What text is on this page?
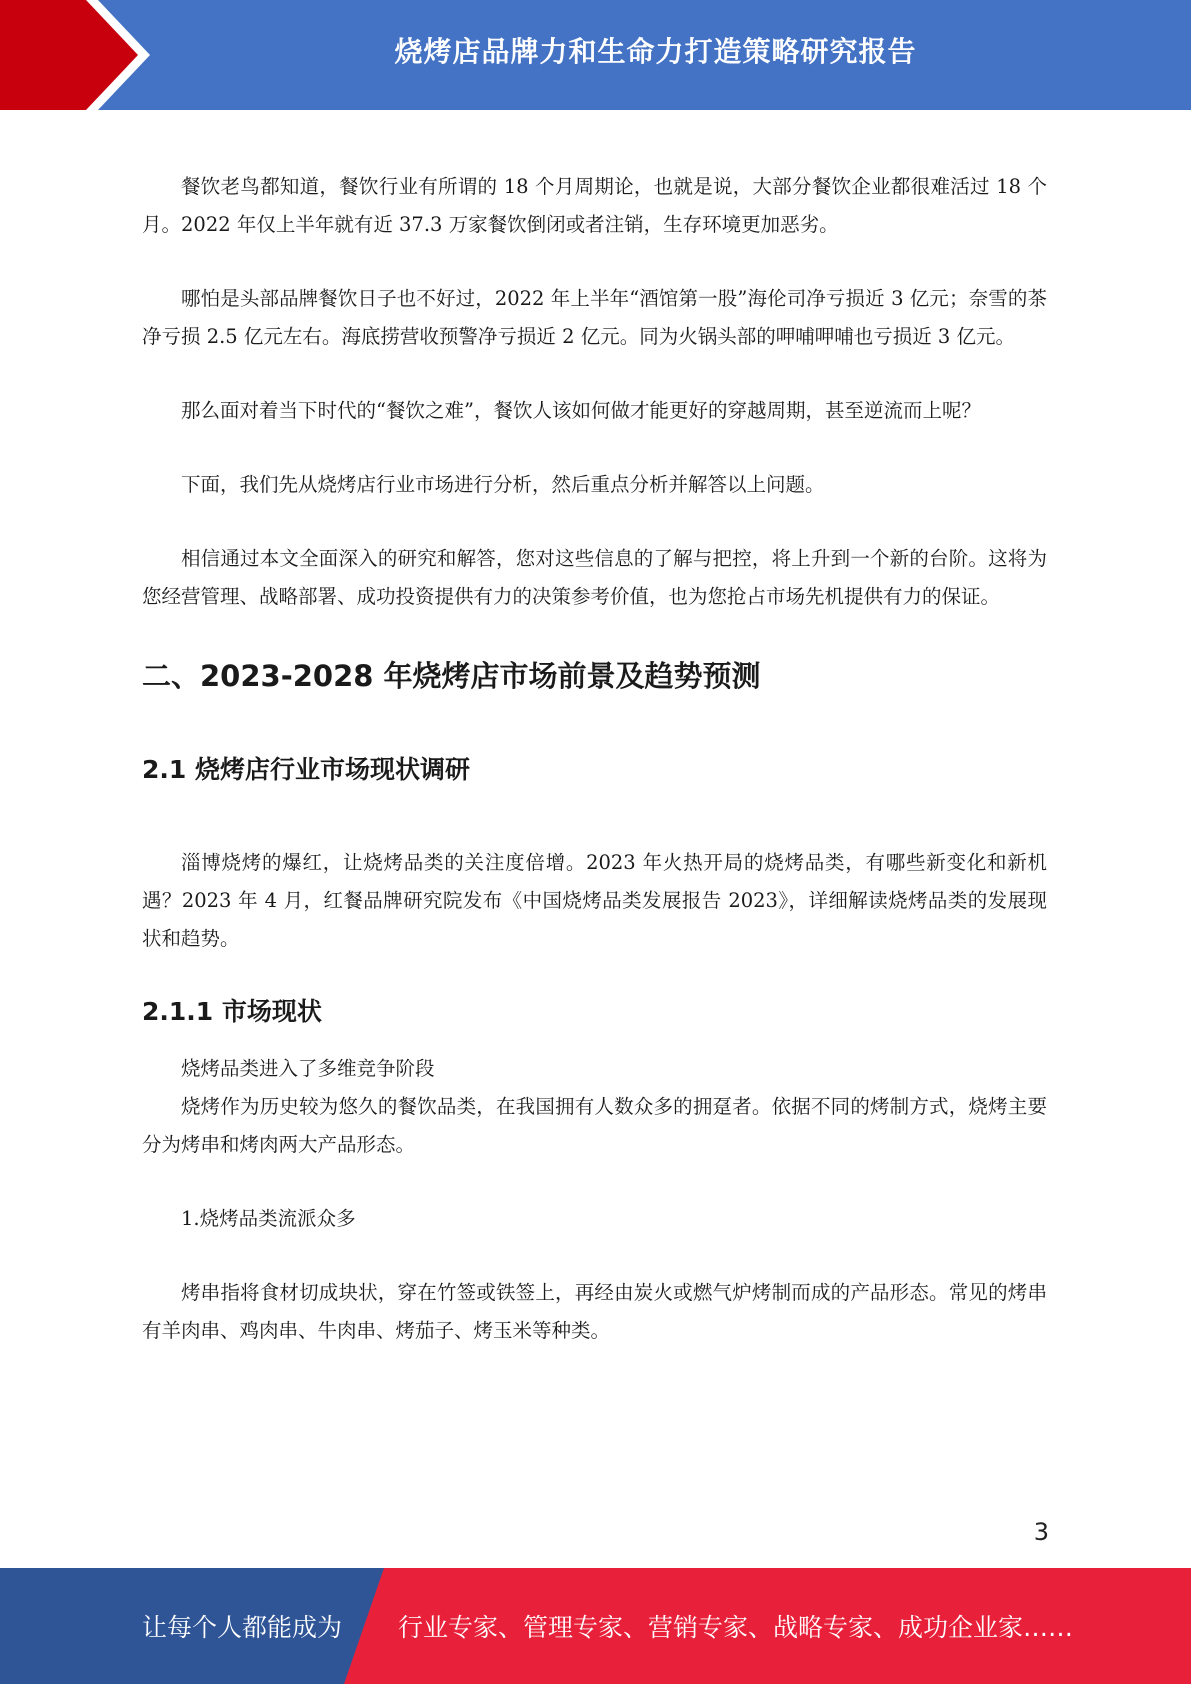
烧烤店品牌力和生命力打造策略研究报告

餐饮老鸟都知道，餐饮行业有所谓的 18 个月周期论，也就是说，大部分餐饮企业都很难活过 18 个月。2022 年仅上半年就有近 37.3 万家餐饮倒闭或者注销，生存环境更加恶劣。

哪怕是头部品牌餐饮日子也不好过，2022 年上半年“酒馆第一股”海伦司净亏损近 3 亿元；奈雪的茶净亏损 2.5 亿元左右。海底捞营收预警净亏损近 2 亿元。同为火锅头部的呷哺呷哺也亏损近 3 亿元。

那么面对着当下时代的“餐饮之难”，餐饮人该如何做才能更好的穿越周期，甚至逆流而上呢？

下面，我们先从烧烤店行业市场进行分析，然后重点分析并解答以上问题。

相信通过本文全面深入的研究和解答，您对这些信息的了解与把控，将上升到一个新的台阶。这将为您经营管理、战略部署、成功投资提供有力的决策参考价值，也为您抢占市场先机提供有力的保证。

二、2023-2028 年烧烤店市场前景及趋势预测
2.1 烧烤店行业市场现状调研

淄博烧烤的爆红，让烧烤品类的关注度倍增。2023 年火热开局的烧烤品类，有哪些新变化和新机遇？2023 年 4 月，红餐品牌研究院发布《中国烧烤品类发展报告 2023》，详细解读烧烤品类的发展现状和趋势。

2.1.1 市场现状

烧烤品类进入了多维竞争阶段

烧烤作为历史较为悠久的餐饮品类，在我国拥有人数众多的拥趸者。依据不同的烤制方式，烧烤主要分为烤串和烤肉两大产品形态。

1.烧烤品类流派众多

烤串指将食材切成块状，穿在竹签或铁签上，再经由炭火或燃气炉烤制而成的产品形态。常见的烤串有羊肉串、鸡肉串、牛肉串、烤茄子、烤玉米等种类。

3
让每个人都能成为 行业专家、管理专家、营销专家、战略专家、成功企业家……
